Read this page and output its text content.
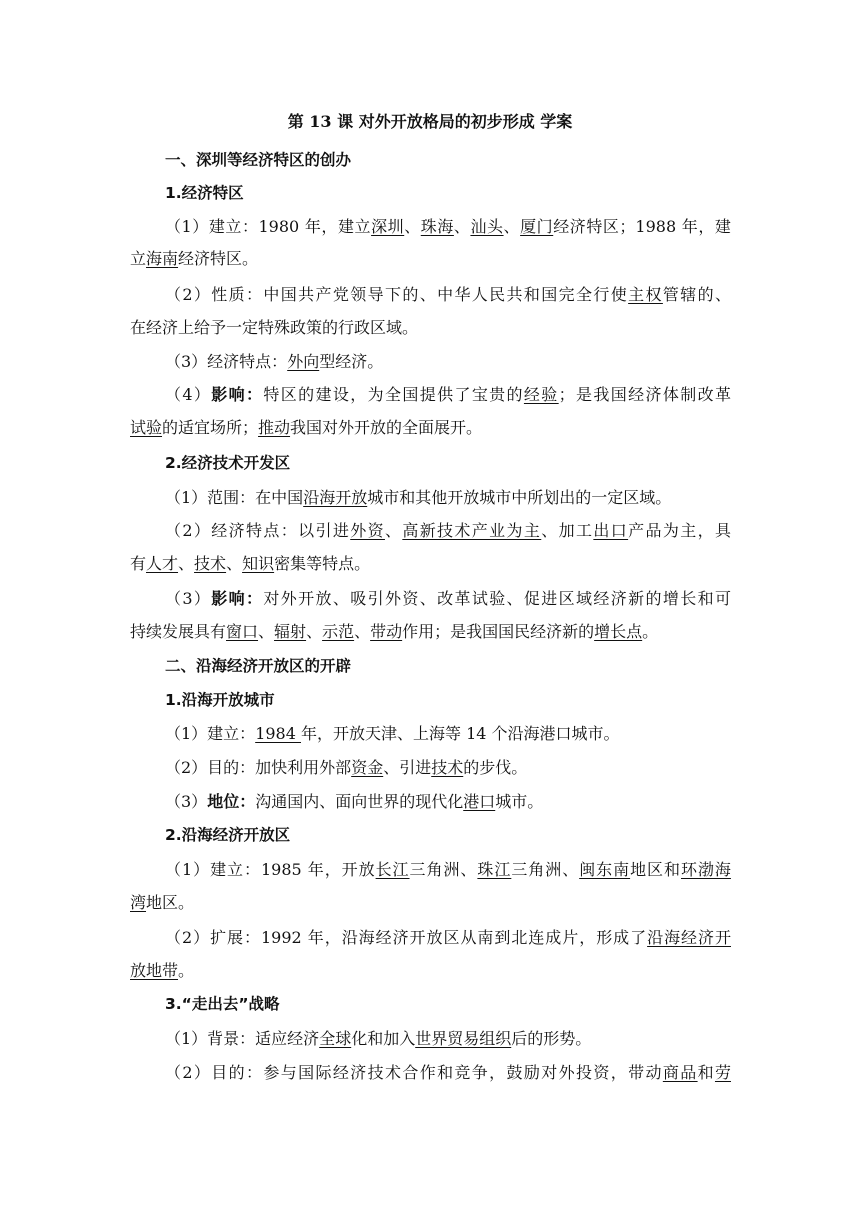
第 13 课 对外开放格局的初步形成 学案
一、深圳等经济特区的创办
1.经济特区
（1）建立：1980 年，建立深圳、珠海、汕头、厦门经济特区；1988 年，建
立海南经济特区。
（2）性质：中国共产党领导下的、中华人民共和国完全行使主权管辖的、
在经济上给予一定特殊政策的行政区域。
（3）经济特点：外向型经济。
（4）影响：特区的建设，为全国提供了宝贵的经验；是我国经济体制改革
试验的适宜场所；推动我国对外开放的全面展开。
2.经济技术开发区
（1）范围：在中国沿海开放城市和其他开放城市中所划出的一定区域。
（2）经济特点：以引进外资、高新技术产业为主、加工出口产品为主，具
有人才、技术、知识密集等特点。
（3）影响：对外开放、吸引外资、改革试验、促进区域经济新的增长和可
持续发展具有窗口、辐射、示范、带动作用；是我国国民经济新的增长点。
二、沿海经济开放区的开辟
1.沿海开放城市
（1）建立：1984 年，开放天津、上海等 14 个沿海港口城市。
（2）目的：加快利用外部资金、引进技术的步伐。
（3）地位：沟通国内、面向世界的现代化港口城市。
2.沿海经济开放区
（1）建立：1985 年，开放长江三角洲、珠江三角洲、闽东南地区和环渤海
湾地区。
（2）扩展：1992 年，沿海经济开放区从南到北连成片，形成了沿海经济开
放地带。
3.“走出去”战略
（1）背景：适应经济全球化和加入世界贸易组织后的形势。
（2）目的：参与国际经济技术合作和竞争，鼓励对外投资，带动商品和劳
